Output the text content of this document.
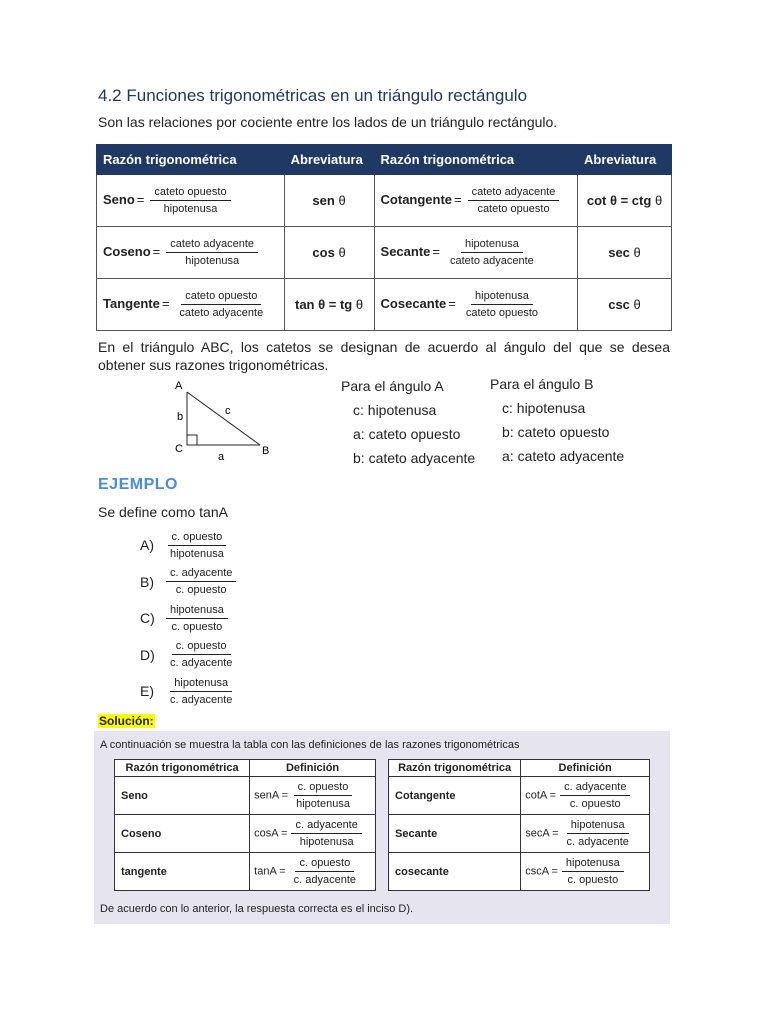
4.2 Funciones trigonométricas en un triángulo rectángulo

Son las relaciones por cociente entre los lados de un triángulo rectángulo.

Razón trigonométrica	Abreviatura	Razón trigonométrica	Abreviatura
Seno = $\frac{\text{cateto opuesto}}{\text{hipotenusa}}$	sen θ	Cotangente = $\frac{\text{cateto adyacente}}{\text{cateto opuesto}}$	cot θ = ctg θ
Coseno = $\frac{\text{cateto adyacente}}{\text{hipotenusa}}$	cos θ	Secante = $\frac{\text{hipotenusa}}{\text{cateto adyacente}}$	sec θ
Tangente = $\frac{\text{cateto opuesto}}{\text{cateto adyacente}}$	tan θ = tg θ	Cosecante = $\frac{\text{hipotenusa}}{\text{cateto opuesto}}$	csc θ

En el triángulo ABC, los catetos se designan de acuerdo al ángulo del que se desea obtener sus razones trigonométricas.

A
C	B
b	c
a
Para el ángulo A
c: hipotenusa
a: cateto opuesto
b: cateto adyacente
Para el ángulo B
c: hipotenusa
b: cateto opuesto
a: cateto adyacente
EJEMPLO
Se define como tanA
A)	$\frac{\text{c. opuesto}}{\text{hipotenusa}}$
B)	$\frac{\text{c. adyacente}}{\text{c. opuesto}}$
C)	$\frac{\text{hipotenusa}}{\text{c. opuesto}}$
D)	$\frac{\text{c. opuesto}}{\text{c. adyacente}}$
E)	$\frac{\text{hipotenusa}}{\text{c. adyacente}}$
Solución:
A continuación se muestra la tabla con las definiciones de las razones trigonométricas
Razón trigonométrica	Definición
Seno	senA = $\frac{\text{c. opuesto}}{\text{hipotenusa}}$

Coseno	$\cos A = \frac{\text{c. adyacente}}{\text{hipotenusa}}$

tangente	$\tan A = \frac{\text{c. opuesto}}{\text{c. adyacente}}$
Razón trigonométrica	Definición
Cotangente	$\cot A = \frac{\text{c. adyacente}}{\text{c. opuesto}}$

Secante	$\sec A = \frac{\text{hipotenusa}}{\text{c. adyacente}}$

cosecante	$\csc A = \frac{\text{hipotenusa}}{\text{c. opuesto}}$
De acuerdo con lo anterior, la respuesta correcta es el inciso D).
